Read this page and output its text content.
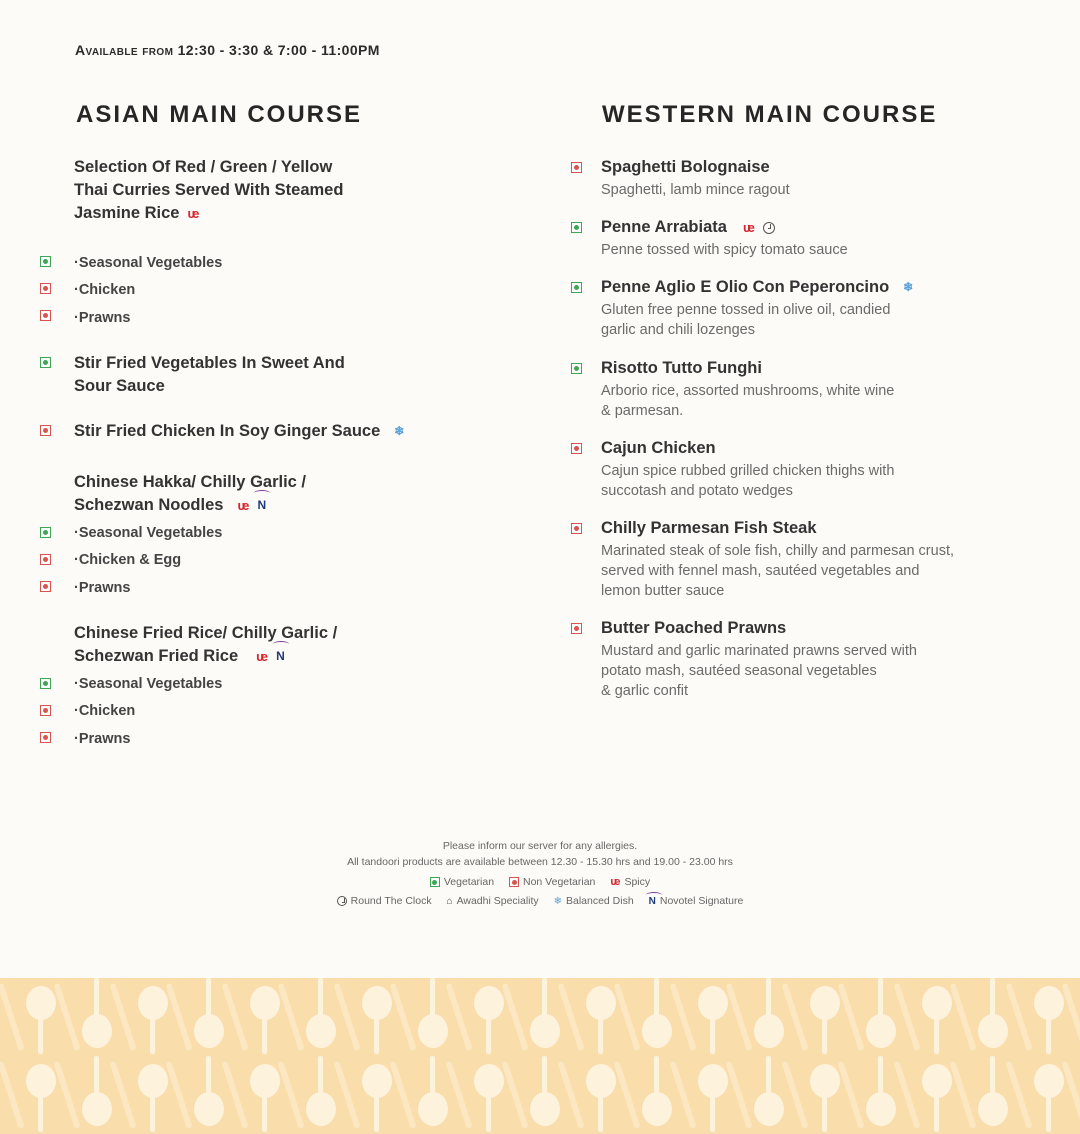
Available from 12:30 - 3:30 & 7:00 - 11:00PM
ASIAN MAIN COURSE
Selection Of Red / Green / Yellow
Thai Curries Served With Steamed
Jasmine Rice ᵫ
·Seasonal Vegetables
·Chicken
·Prawns
Stir Fried Vegetables In Sweet And
Sour Sauce
Stir Fried Chicken In Soy Ginger Sauce ❄
Chinese Hakka/ Chilly Garlic /
Schezwan Noodles ᵫ N
·Seasonal Vegetables
·Chicken & Egg
·Prawns
Chinese Fried Rice/ Chilly Garlic /
Schezwan Fried Rice ᵫ N
·Seasonal Vegetables
·Chicken
·Prawns
WESTERN MAIN COURSE
Spaghetti Bolognaise
Spaghetti, lamb mince ragout
Penne Arrabiata ᵫ
Penne tossed with spicy tomato sauce
Penne Aglio E Olio Con Peperoncino ❄
Gluten free penne tossed in olive oil, candied
garlic and chili lozenges
Risotto Tutto Funghi
Arborio rice, assorted mushrooms, white wine
& parmesan.
Cajun Chicken
Cajun spice rubbed grilled chicken thighs with
succotash and potato wedges
Chilly Parmesan Fish Steak
Marinated steak of sole fish, chilly and parmesan crust,
served with fennel mash, sautéed vegetables and
lemon butter sauce
Butter Poached Prawns
Mustard and garlic marinated prawns served with
potato mash, sautéed seasonal vegetables
& garlic confit
Please inform our server for any allergies.
All tandoori products are available between 12.30 - 15.30 hrs and 19.00 - 23.00 hrs
Vegetarian	Non Vegetarian ᵫ Spicy
Round The Clock ⌂ Awadhi Speciality ❄ Balanced Dish N Novotel Signature
